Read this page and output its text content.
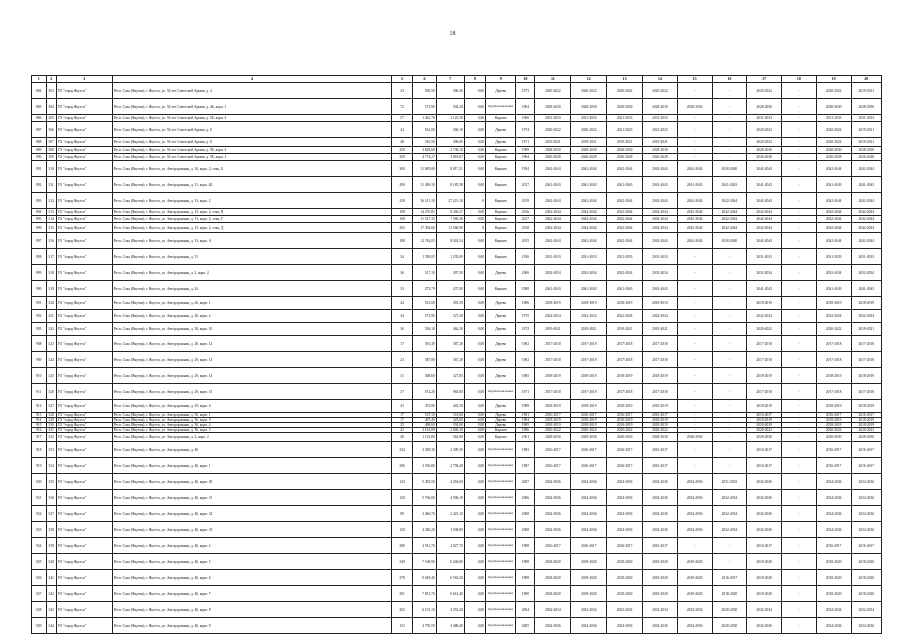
18
1	2	3	4	5	6	7	8	9	10	11	12	13	14	15	16	17	18	19	20
884	303	ГО "город Якутск"	Респ. Саха (Якутия), г. Якутск, ул. 50 лет Советской Армии, д. 4	23	569,50	496,30	0,00	Дерево	1973	2020-2022	2020-2022	2020-2022	2020-2022	-	-	2020-2022	-	2020-2022	2019-2021
885	304	ГО "город Якутск"	Респ. Саха (Якутия), г. Якутск, ул. 50 лет Советской Армии, д. 4Б, корп. 1	72	573,90	504,20	0,00	Крупнопанельные	1964	2028-2030	2028-2030	2028-2030	2028-2030	2028-2030	-	2028-2030	-	2028-2030	2028-2030
886	305	ГО "город Якутск"	Респ. Саха (Якутия), г. Якутск, ул. 50 лет Советской Армии, д. 5Б, корп. 4	57	1 461,70	1 125,30	0,00	Кирпич	1966	2031-2033	2031-2033	2031-2033	2031-2033	-	-	2031-2033	-	2031-2033	2031-2033
887	306	ГО "город Якутск"	Респ. Саха (Якутия), г. Якутск, ул. 50 лет Советской Армии, д. 6	24	561,00	560,10	0,00	Дерево	1974	2020-2022	2020-2022	2021-2023	2021-2023	-	-	2020-2022	-	2020-2022	2019-2021
888	307	ГО "город Якутск"	Респ. Саха (Якутия), г. Якутск, ул. 50 лет Советской Армии, д. 8	48	516,50	496,00	0,00	Дерево	1971	2019-2021	2019-2021	2019-2021	2019-2021	-	-	2020-2022	-	2020-2022	2019-2021
889	308	ГО "город Якутск"	Респ. Саха (Якутия), г. Якутск, ул. 50 лет Советской Армии, д. 9Б, корп. 2	250	2 828,60	2 738,10	0,00	Кирпич	1989	2028-2030	2028-2030	2028-2030	2028-2030	-	-	2028-2030	-	2028-2030	2028-2030
890	309	ГО "город Якутск"	Респ. Саха (Якутия), г. Якутск, ул. 50 лет Советской Армии, д. 9Б, корп. 3	250	4 774,27	3 818,67	0,00	Кирпич	1964	2026-2028	2026-2028	2026-2028	2026-2028	-	-	2026-2028	-	2026-2028	2026-2028
891	310	ГО "город Якутск"	Респ. Саха (Якутия), г. Якутск, ул. Автодорожная, д. 10, корп. 2, секц. Б	300	11 685,80	8 817,21	0,00	Кирпич	1994	2042-2044	2042-2044	2042-2044	2042-2044	2042-2044	2038-2040	2042-2044	-	2042-2044	2042-2044
892	311	ГО "город Якутск"	Респ. Саха (Якутия), г. Якутск, ул. Автодорожная, д. 11, корп. 4Б	290	11 490,10	8 185,38	0,00	Кирпич	2017	2041-2043	2041-2043	2041-2043	2041-2043	2041-2043	2041-2043	2041-2043	-	2041-2043	2041-2043
893	312	ГО "город Якутск"	Респ. Саха (Якутия), г. Якутск, ул. Автодорожная, д. 13, корп. 2	238	36 511,10	27 221,10	0	Кирпич	2019	2042-2044	2042-2044	2042-2044	2042-2044	2042-2044	2042-2044	2042-2044	-	2042-2044	2042-2044
894	313	ГО "город Якутск"	Респ. Саха (Якутия), г. Якутск, ул. Автодорожная, д. 13, корп. 2, секц. В	108	14 270,81	8 456,27	0,00	Кирпич	2016	2042-2044	2042-2044	2042-2044	2042-2044	2042-2044	2042-2044	2042-2044	-	2042-2044	2042-2044
895	314	ГО "город Якутск"	Респ. Саха (Якутия), г. Якутск, ул. Автодорожная, д. 13, корп. 2, секц. Г	108	11 527,35	7 569,36	0,00	Кирпич	2017	2042-2044	2042-2044	2042-2044	2042-2044	2042-2044	2042-2044	2042-2044	-	2042-2044	2042-2044
896	315	ГО "город Якутск"	Респ. Саха (Якутия), г. Якутск, ул. Автодорожная, д. 13, корп. 2, секц. Д	365	17 394,60	11 560,90	0	Кирпич	2018	2042-2044	2042-2044	2042-2044	2042-2044	2042-2044	2042-2044	2042-2044	-	2042-2044	2042-2044
897	316	ГО "город Якутск"	Респ. Саха (Якутия), г. Якутск, ул. Автодорожная, д. 13, корп. А	188	12 762,03	8 924,54	0,00	Кирпич	2015	2042-2044	2042-2044	2042-2044	2042-2044	2042-2044	2038-2040	2042-2044	-	2042-2044	2042-2044
898	317	ГО "город Якутск"	Респ. Саха (Якутия), г. Якутск, ул. Автодорожная, д. 15	34	1 358,05	1 235,09	0,00	Кирпич	1956	2031-2033	2031-2033	2031-2033	2031-2033	-	-	2031-2033	-	2031-2033	2031-2033
899	318	ГО "город Якутск"	Респ. Саха (Якутия), г. Якутск, ул. Автодорожная, д. 2, корп. 2	36	517,10	497,50	0,00	Дерево	2006	2032-2034	2032-2034	2032-2034	2032-2034	-	-	2032-2034	-	2032-2034	2032-2034
900	319	ГО "город Якутск"	Респ. Саха (Якутия), г. Якутск, ул. Автодорожная, д. 24	33	273,79	237,00	0,00	Кирпич	1988	2041-2043	2041-2043	2041-2043	2041-2043	-	-	2041-2043	-	2041-2043	2041-2043
901	320	ГО "город Якутск"	Респ. Саха (Якутия), г. Якутск, ул. Автодорожная, д. 26, корп. 1	24	531,00	493,50	0,00	Дерево	1986	2018-2019	2018-2019	2018-2019	2018-2019	-	-	2018-2019	-	2018-2019	2018-2019
902	321	ГО "город Якутск"	Респ. Саха (Якутия), г. Якутск, ул. Автодорожная, д. 26, корп. 2	34	573,90	527,20	0,00	Дерево	1975	2022-2024	2022-2024	2022-2024	2022-2024	-	-	2022-2024	-	2022-2024	2022-2024
903	322	ГО "город Якутск"	Респ. Саха (Якутия), г. Якутск, ул. Автодорожная, д. 28, корп. 10	36	536,10	462,30	0,00	Дерево	1972	2019-2021	2019-2021	2019-2021	2019-2021	-	-	2020-2022	-	2020-2022	2019-2021
908	323	ГО "город Якутск"	Респ. Саха (Якутия), г. Якутск, ул. Автодорожная, д. 28, корп. 12	17	391,49	387,20	0,00	Дерево	1982	2017-2018	2017-2018	2017-2018	2017-2018	-	-	2017-2018	-	2017-2018	2017-2018
909	324	ГО "город Якутск"	Респ. Саха (Якутия), г. Якутск, ул. Автодорожная, д. 29, корп. 13	23	387,80	367,20	0,00	Дерево	1982	2017-2018	2017-2018	2017-2018	2017-2018	-	-	2017-2018	-	2017-2018	2017-2018
910	325	ГО "город Якутск"	Респ. Саха (Якутия), г. Якутск, ул. Автодорожная, д. 29, корп. 14	31	368,60	327,83	0,00	Дерево	1985	2018-2019	2018-2019	2018-2019	2018-2019	-	-	2018-2019	-	2018-2019	2018-2019
911	326	ГО "город Якутск"	Респ. Саха (Якутия), г. Якутск, ул. Автодорожная, д. 29, корп. 15	37	672,20	963,00	0,00	Крупнопанельные	1971	2017-2018	2017-2018	2017-2018	2017-2018	-	-	2017-2018	-	2017-2018	2017-2018
912	327	ГО "город Якутск"	Респ. Саха (Якутия), г. Якутск, ул. Автодорожная, д. 29, корп. 4	41	473,80	442,50	0,00	Дерево	1989	2018-2019	2018-2019	2018-2019	2018-2019	-	-	2018-2019	-	2018-2019	2018-2019
913	328	ГО "город Якутск"	Респ. Саха (Якутия), г. Якутск, ул. Автодорожная, д. 36, корп. 1	17	167,10	116,60	0,00	Дерево	1981	2016-2017	2016-2017	2016-2017	2016-2017	-	-	2016-2017	-	2016-2017	2016-2017
914	329	ГО "город Якутск"	Респ. Саха (Якутия), г. Якутск, ул. Автодорожная, д. 36, корп. 3	17	407,40	325,60	0,00	Дерево	1984	2018-2019	2018-2019	2018-2019	2018-2019	-	-	2018-2019	-	2018-2019	2018-2019
915	330	ГО "город Якутск"	Респ. Саха (Якутия), г. Якутск, ул. Автодорожная, д. 36, корп. 4	25	408,60	334,60	0,00	Дерево	1985	2018-2019	2018-2019	2018-2019	2018-2019	-	-	2018-2019	-	2018-2019	2018-2019
916	331	ГО "город Якутск"	Респ. Саха (Якутия), г. Якутск, ул. Автодорожная, д. 36, корп. 5	41	2 161,80	2 040,30	0,00	Кирпич	1986	2020-2022	2020-2022	2020-2022	2020-2022	-	-	2020-2022	-	2020-2022	2020-2022
917	332	ГО "город Якутск"	Респ. Саха (Якутия), г. Якутск, ул. Автодорожная, д. 4, корп. 2	48	1 123,80	562,80	0,00	Кирпич	1961	2028-2030	2028-2030	2028-2030	2028-2030	2028-2030	-	2028-2030	-	2028-2030	2028-2030
918	333	ГО "город Якутск"	Респ. Саха (Якутия), г. Якутск, ул. Автодорожная, д. 40	334	3 309,30	2 309,39	0,00	Крупнопанельные	1983	2016-2017	2016-2017	2016-2017	2016-2017	-	-	2016-2017	-	2016-2017	2016-2017
919	334	ГО "город Якутск"	Респ. Саха (Якутия), г. Якутск, ул. Автодорожная, д. 40, корп. 1	296	3 556,80	2 758,40	0,00	Крупнопанельные	1987	2016-2017	2016-2017	2016-2017	2016-2017	-	-	2016-2017	-	2016-2017	2016-2017
920	335	ГО "город Якутск"	Респ. Саха (Якутия), г. Якутск, ул. Автодорожная, д. 40, корп. 30	143	5 405,50	4 454,60	0,00	Крупнопанельные	2007	2034-2036	2034-2036	2034-2036	2034-2036	2034-2036	2031-2033	2034-2036	-	2034-2036	2034-2036
921	336	ГО "город Якутск"	Респ. Саха (Якутия), г. Якутск, ул. Автодорожная, д. 40, корп. 31	120	5 766,00	4 596,10	0,00	Крупнопанельные	2006	2034-2036	2034-2036	2034-2036	2034-2036	2034-2036	2032-2034	2034-2036	-	2034-2036	2034-2036
922	337	ГО "город Якутск"	Респ. Саха (Якутия), г. Якутск, ул. Автодорожная, д. 40, корп. 32	89	3 466,70	2 423,10	0,00	Крупнопанельные	2008	2034-2036	2034-2036	2034-2036	2034-2036	2034-2036	2032-2034	2034-2036	-	2034-2036	2034-2036
923	338	ГО "город Якутск"	Респ. Саха (Якутия), г. Якутск, ул. Автодорожная, д. 40, корп. 33	120	4 380,20	3 638,80	0,00	Крупнопанельные	2008	2034-2036	2034-2036	2034-2036	2034-2036	2034-2036	2032-2034	2034-2036	-	2034-2036	2034-2036
924	339	ГО "город Якутск"	Респ. Саха (Якутия), г. Якутск, ул. Автодорожная, д. 40, корп. 2	280	2 911,70	2 827,70	0,00	Крупнопанельные	1988	2016-2017	2016-2017	2016-2017	2016-2017	-	-	2016-2017	-	2016-2017	2016-2017
925	340	ГО "город Якутск"	Респ. Саха (Якутия), г. Якутск, ул. Автодорожная, д. 40, корп. 5	249	7 106,90	6 246,80	0,00	Крупнопанельные	1988	2018-2020	2018-2020	2018-2020	2018-2020	2018-2020	-	2018-2020	-	2018-2020	2018-2020
926	341	ГО "город Якутск"	Респ. Саха (Якутия), г. Якутск, ул. Автодорожная, д. 40, корп. 6	278	8 649,40	6 565,20	0,00	Крупнопанельные	1989	2018-2020	2018-2020	2018-2020	2018-2020	2018-2020	2016-2017	2018-2020	-	2018-2020	2018-2020
927	342	ГО "город Якутск"	Респ. Саха (Якутия), г. Якутск, ул. Автодорожная, д. 40, корп. 7	291	7 851,70	6 614,40	0,00	Крупнопанельные	1990	2018-2020	2018-2020	2018-2020	2018-2020	2018-2020	2018-2020	2018-2020	-	2018-2020	2018-2020
928	343	ГО "город Якутск"	Респ. Саха (Якутия), г. Якутск, ул. Автодорожная, д. 40, корп. 8	202	6 101,10	4 353,20	0,00	Крупнопанельные	2004	2032-2034	2032-2034	2032-2034	2032-2034	2032-2034	2028-2030	2032-2034	-	2032-2034	2032-2034
929	344	ГО "город Якутск"	Респ. Саха (Якутия), г. Якутск, ул. Автодорожная, д. 40, корп. 9	153	4 795,59	4 480,40	0,00	Крупнопанельные	2005	2034-2036	2034-2036	2034-2036	2034-2036	2034-2036	2028-2030	2034-2036	-	2034-2036	2034-2036
